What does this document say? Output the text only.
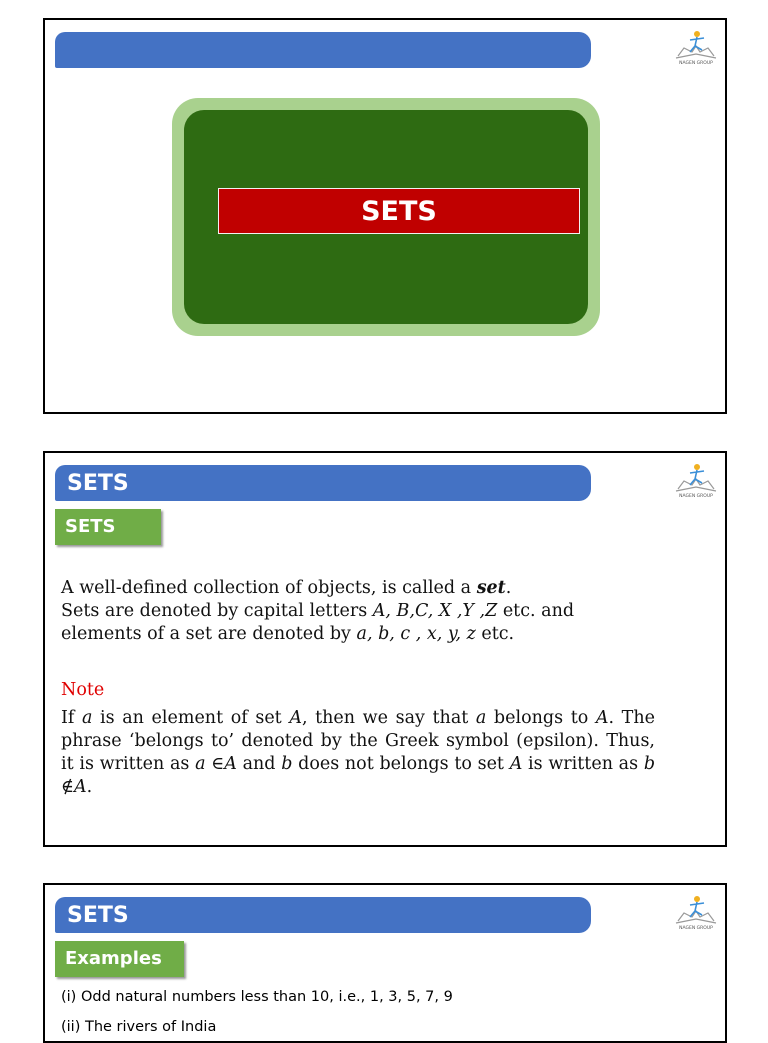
NAGEN GROUP
SETS
SETS
NAGEN GROUP
SETS
A well-defined collection of objects, is called a set.
Sets are denoted by capital letters A, B,C, X ,Y ,Z etc. and
elements of a set are denoted by a, b, c , x, y, z etc.
Note
If a is an element of set A, then we say that a belongs to A. The phrase ‘belongs to’ denoted by the Greek symbol (epsilon). Thus, it is written as a ∈A and b does not belongs to set A is written as b ∉A.
SETS
NAGEN GROUP
Examples
(i) Odd natural numbers less than 10, i.e., 1, 3, 5, 7, 9
(ii) The rivers of India
